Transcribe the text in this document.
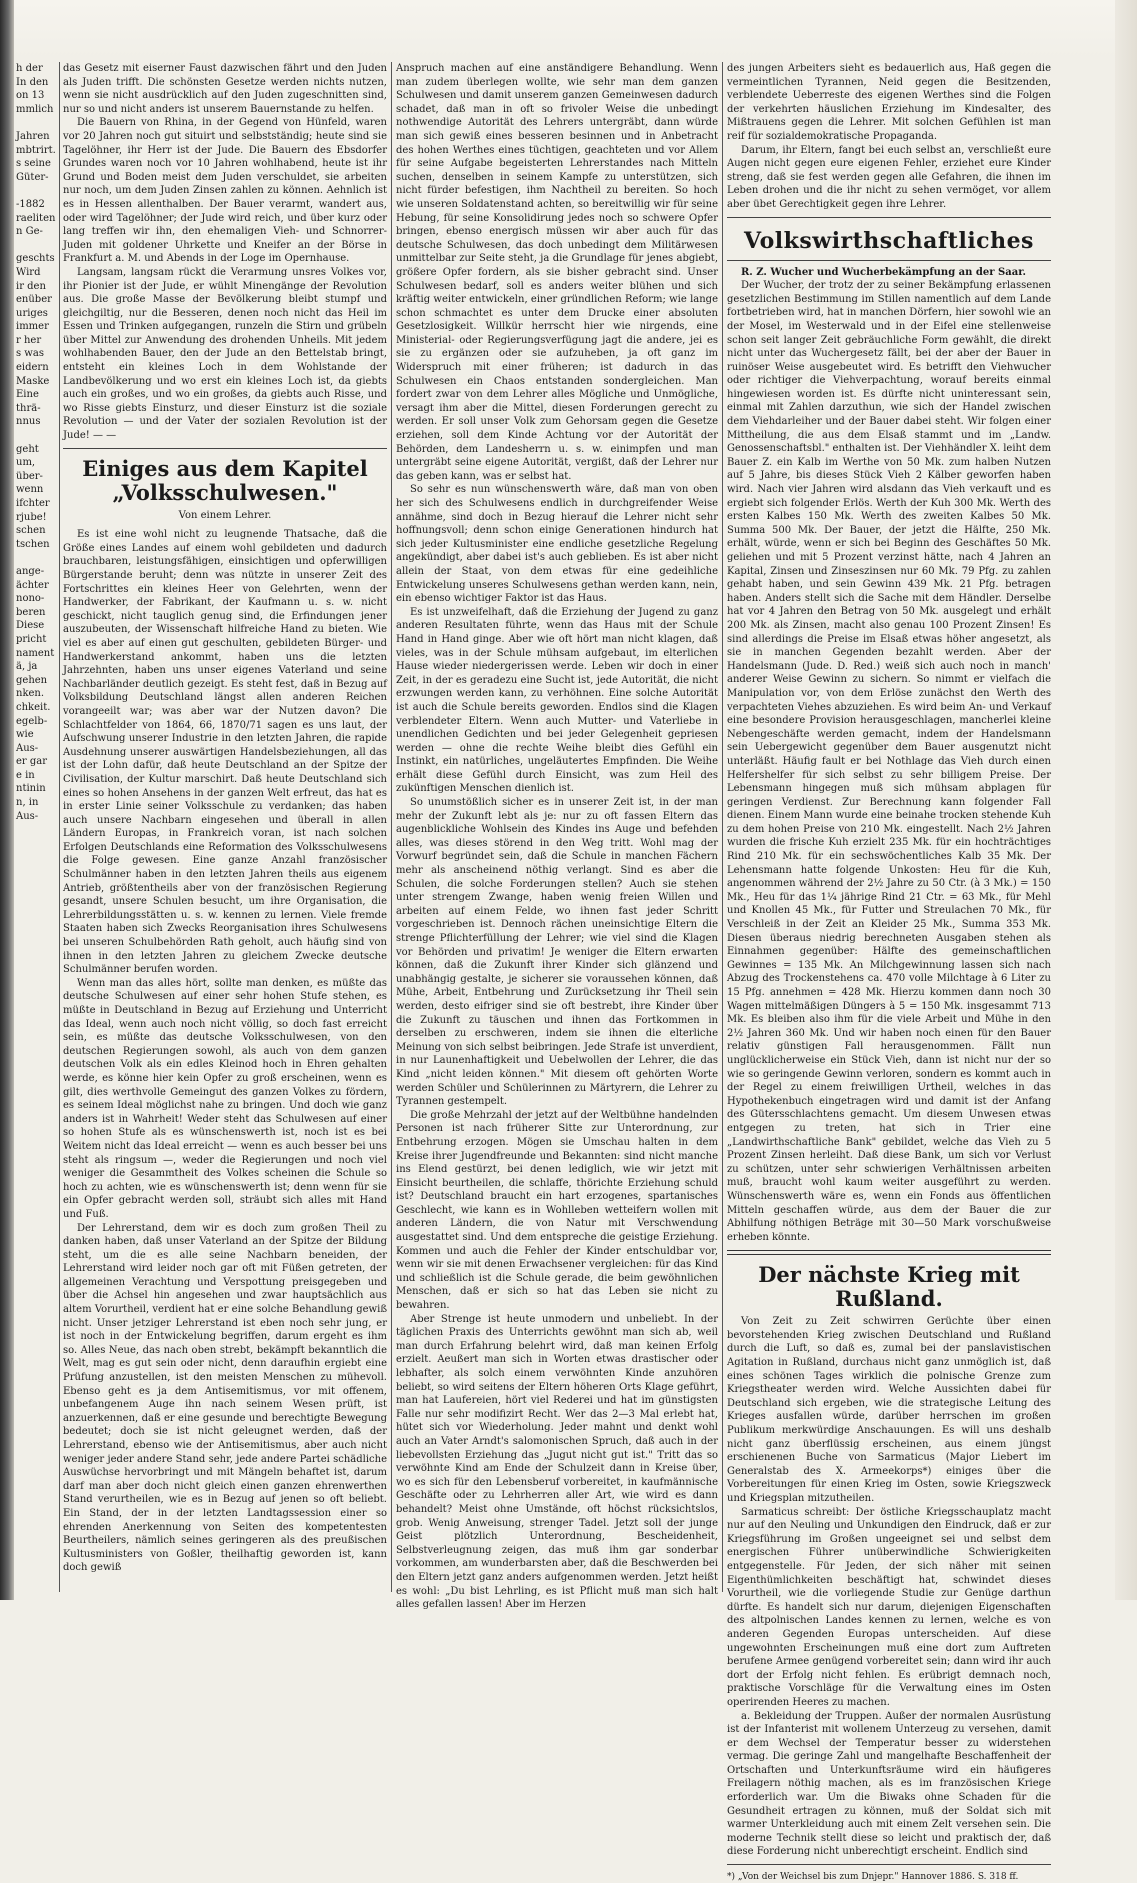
h der

In den

on 13

mmlich

Jahren

mbtrirt.

s seine

Güter-

-1882

raeliten

n Ge-

geschts

Wird

ir den

enüber

uriges

immer

r her

s was

eidern

Maske

Eine

thrä-

nnus

geht

um,

über-

wenn

ifchter

rjube!

schen

tschen

ange-

ächter

nono-

beren

Diese

pricht

nament

ä, ja

gehen

nken.

chkeit.

egelb-

wie

Aus-

er gar

e in

ntinin

n, in

Aus-

das Gesetz mit eiserner Faust dazwischen fährt und den Juden als Juden trifft. Die schönsten Gesetze werden nichts nutzen, wenn sie nicht ausdrücklich auf den Juden zugeschnitten sind, nur so und nicht anders ist unserem Bauernstande zu helfen.

Die Bauern von Rhina, in der Gegend von Hünfeld, waren vor 20 Jahren noch gut situirt und selbstständig; heute sind sie Tagelöhner, ihr Herr ist der Jude. Die Bauern des Ebsdorfer Grundes waren noch vor 10 Jahren wohlhabend, heute ist ihr Grund und Boden meist dem Juden verschuldet, sie arbeiten nur noch, um dem Juden Zinsen zahlen zu können. Aehnlich ist es in Hessen allenthalben. Der Bauer verarmt, wandert aus, oder wird Tagelöhner; der Jude wird reich, und über kurz oder lang treffen wir ihn, den ehemaligen Vieh- und Schnorrer-Juden mit goldener Uhrkette und Kneifer an der Börse in Frankfurt a. M. und Abends in der Loge im Opernhause.

Langsam, langsam rückt die Verarmung unsres Volkes vor, ihr Pionier ist der Jude, er wühlt Minengänge der Revolution aus. Die große Masse der Bevölkerung bleibt stumpf und gleichgiltig, nur die Besseren, denen noch nicht das Heil im Essen und Trinken aufgegangen, runzeln die Stirn und grübeln über Mittel zur Anwendung des drohenden Unheils. Mit jedem wohlhabenden Bauer, den der Jude an den Bettelstab bringt, entsteht ein kleines Loch in dem Wohlstande der Landbevölkerung und wo erst ein kleines Loch ist, da giebts auch ein großes, und wo ein großes, da giebts auch Risse, und wo Risse giebts Einsturz, und dieser Einsturz ist die soziale Revolution — und der Vater der sozialen Revolution ist der Jude! — —

Einiges aus dem Kapitel „Volksschulwesen."
Von einem Lehrer.

Es ist eine wohl nicht zu leugnende Thatsache, daß die Größe eines Landes auf einem wohl gebildeten und dadurch brauchbaren, leistungsfähigen, einsichtigen und opferwilligen Bürgerstande beruht; denn was nützte in unserer Zeit des Fortschrittes ein kleines Heer von Gelehrten, wenn der Handwerker, der Fabrikant, der Kaufmann u. s. w. nicht geschickt, nicht tauglich genug sind, die Erfindungen jener auszubeuten, der Wissenschaft hilfreiche Hand zu bieten. Wie viel es aber auf einen gut geschulten, gebildeten Bürger- und Handwerkerstand ankommt, haben uns die letzten Jahrzehnten, haben uns unser eigenes Vaterland und seine Nachbarländer deutlich gezeigt. Es steht fest, daß in Bezug auf Volksbildung Deutschland längst allen anderen Reichen vorangeeilt war; was aber war der Nutzen davon? Die Schlachtfelder von 1864, 66, 1870/71 sagen es uns laut, der Aufschwung unserer Industrie in den letzten Jahren, die rapide Ausdehnung unserer auswärtigen Handelsbeziehungen, all das ist der Lohn dafür, daß heute Deutschland an der Spitze der Civilisation, der Kultur marschirt. Daß heute Deutschland sich eines so hohen Ansehens in der ganzen Welt erfreut, das hat es in erster Linie seiner Volksschule zu verdanken; das haben auch unsere Nachbarn eingesehen und überall in allen Ländern Europas, in Frankreich voran, ist nach solchen Erfolgen Deutschlands eine Reformation des Volksschulwesens die Folge gewesen. Eine ganze Anzahl französischer Schulmänner haben in den letzten Jahren theils aus eigenem Antrieb, größtentheils aber von der französischen Regierung gesandt, unsere Schulen besucht, um ihre Organisation, die Lehrerbildungsstätten u. s. w. kennen zu lernen. Viele fremde Staaten haben sich Zwecks Reorganisation ihres Schulwesens bei unseren Schulbehörden Rath geholt, auch häufig sind von ihnen in den letzten Jahren zu gleichem Zwecke deutsche Schulmänner berufen worden.

Wenn man das alles hört, sollte man denken, es müßte das deutsche Schulwesen auf einer sehr hohen Stufe stehen, es müßte in Deutschland in Bezug auf Erziehung und Unterricht das Ideal, wenn auch noch nicht völlig, so doch fast erreicht sein, es müßte das deutsche Volksschulwesen, von den deutschen Regierungen sowohl, als auch von dem ganzen deutschen Volk als ein edles Kleinod hoch in Ehren gehalten werde, es könne hier kein Opfer zu groß erscheinen, wenn es gilt, dies werthvolle Gemeingut des ganzen Volkes zu fördern, es seinem Ideal möglichst nahe zu bringen. Und doch wie ganz anders ist in Wahrheit! Weder steht das Schulwesen auf einer so hohen Stufe als es wünschenswerth ist, noch ist es bei Weitem nicht das Ideal erreicht — wenn es auch besser bei uns steht als ringsum —, weder die Regierungen und noch viel weniger die Gesammtheit des Volkes scheinen die Schule so hoch zu achten, wie es wünschenswerth ist; denn wenn für sie ein Opfer gebracht werden soll, sträubt sich alles mit Hand und Fuß.

Der Lehrerstand, dem wir es doch zum großen Theil zu danken haben, daß unser Vaterland an der Spitze der Bildung steht, um die es alle seine Nachbarn beneiden, der Lehrerstand wird leider noch gar oft mit Füßen getreten, der allgemeinen Verachtung und Verspottung preisgegeben und über die Achsel hin angesehen und zwar hauptsächlich aus altem Vorurtheil, verdient hat er eine solche Behandlung gewiß nicht. Unser jetziger Lehrerstand ist eben noch sehr jung, er ist noch in der Entwickelung begriffen, darum ergeht es ihm so. Alles Neue, das nach oben strebt, bekämpft bekanntlich die Welt, mag es gut sein oder nicht, denn daraufhin ergiebt eine Prüfung anzustellen, ist den meisten Menschen zu mühevoll. Ebenso geht es ja dem Antisemitismus, vor mit offenem, unbefangenem Auge ihn nach seinem Wesen prüft, ist anzuerkennen, daß er eine gesunde und berechtigte Bewegung bedeutet; doch sie ist nicht geleugnet werden, daß der Lehrerstand, ebenso wie der Antisemitismus, aber auch nicht weniger jeder andere Stand sehr, jede andere Partei schädliche Auswüchse hervorbringt und mit Mängeln behaftet ist, darum darf man aber doch nicht gleich einen ganzen ehrenwerthen Stand verurtheilen, wie es in Bezug auf jenen so oft beliebt. Ein Stand, der in der letzten Landtagssession einer so ehrenden Anerkennung von Seiten des kompetentesten Beurtheilers, nämlich seines geringeren als des preußischen Kultusministers von Goßler, theilhaftig geworden ist, kann doch gewiß

Anspruch machen auf eine anständigere Behandlung. Wenn man zudem überlegen wollte, wie sehr man dem ganzen Schulwesen und damit unserem ganzen Gemeinwesen dadurch schadet, daß man in oft so frivoler Weise die unbedingt nothwendige Autorität des Lehrers untergräbt, dann würde man sich gewiß eines besseren besinnen und in Anbetracht des hohen Werthes eines tüchtigen, geachteten und vor Allem für seine Aufgabe begeisterten Lehrerstandes nach Mitteln suchen, denselben in seinem Kampfe zu unterstützen, sich nicht fürder befestigen, ihm Nachtheil zu bereiten. So hoch wie unseren Soldatenstand achten, so bereitwillig wir für seine Hebung, für seine Konsolidirung jedes noch so schwere Opfer bringen, ebenso energisch müssen wir aber auch für das deutsche Schulwesen, das doch unbedingt dem Militärwesen unmittelbar zur Seite steht, ja die Grundlage für jenes abgiebt, größere Opfer fordern, als sie bisher gebracht sind. Unser Schulwesen bedarf, soll es anders weiter blühen und sich kräftig weiter entwickeln, einer gründlichen Reform; wie lange schon schmachtet es unter dem Drucke einer absoluten Gesetzlosigkeit. Willkür herrscht hier wie nirgends, eine Ministerial- oder Regierungsverfügung jagt die andere, jei es sie zu ergänzen oder sie aufzuheben, ja oft ganz im Widerspruch mit einer früheren; ist dadurch in das Schulwesen ein Chaos entstanden sondergleichen. Man fordert zwar von dem Lehrer alles Mögliche und Unmögliche, versagt ihm aber die Mittel, diesen Forderungen gerecht zu werden. Er soll unser Volk zum Gehorsam gegen die Gesetze erziehen, soll dem Kinde Achtung vor der Autorität der Behörden, dem Landesherrn u. s. w. einimpfen und man untergräbt seine eigene Autorität, vergißt, daß der Lehrer nur das geben kann, was er selbst hat.

So sehr es nun wünschenswerth wäre, daß man von oben her sich des Schulwesens endlich in durchgreifender Weise annähme, sind doch in Bezug hierauf die Lehrer nicht sehr hoffnungsvoll; denn schon einige Generationen hindurch hat sich jeder Kultusminister eine endliche gesetzliche Regelung angekündigt, aber dabei ist's auch geblieben. Es ist aber nicht allein der Staat, von dem etwas für eine gedeihliche Entwickelung unseres Schulwesens gethan werden kann, nein, ein ebenso wichtiger Faktor ist das Haus.

Es ist unzweifelhaft, daß die Erziehung der Jugend zu ganz anderen Resultaten führte, wenn das Haus mit der Schule Hand in Hand ginge. Aber wie oft hört man nicht klagen, daß vieles, was in der Schule mühsam aufgebaut, im elterlichen Hause wieder niedergerissen werde. Leben wir doch in einer Zeit, in der es geradezu eine Sucht ist, jede Autorität, die nicht erzwungen werden kann, zu verhöhnen. Eine solche Autorität ist auch die Schule bereits geworden. Endlos sind die Klagen verblendeter Eltern. Wenn auch Mutter- und Vaterliebe in unendlichen Gedichten und bei jeder Gelegenheit gepriesen werden — ohne die rechte Weihe bleibt dies Gefühl ein Instinkt, ein natürliches, ungeläutertes Empfinden. Die Weihe erhält diese Gefühl durch Einsicht, was zum Heil des zukünftigen Menschen dienlich ist.

So unumstößlich sicher es in unserer Zeit ist, in der man mehr der Zukunft lebt als je: nur zu oft fassen Eltern das augenblickliche Wohlsein des Kindes ins Auge und befehden alles, was dieses störend in den Weg tritt. Wohl mag der Vorwurf begründet sein, daß die Schule in manchen Fächern mehr als anscheinend nöthig verlangt. Sind es aber die Schulen, die solche Forderungen stellen? Auch sie stehen unter strengem Zwange, haben wenig freien Willen und arbeiten auf einem Felde, wo ihnen fast jeder Schritt vorgeschrieben ist. Dennoch rächen uneinsichtige Eltern die strenge Pflichterfüllung der Lehrer; wie viel sind die Klagen vor Behörden und privatim! Je weniger die Eltern erwarten können, daß die Zukunft ihrer Kinder sich glänzend und unabhängig gestalte, je sicherer sie voraussehen können, daß Mühe, Arbeit, Entbehrung und Zurücksetzung ihr Theil sein werden, desto eifriger sind sie oft bestrebt, ihre Kinder über die Zukunft zu täuschen und ihnen das Fortkommen in derselben zu erschweren, indem sie ihnen die elterliche Meinung von sich selbst beibringen. Jede Strafe ist unverdient, in nur Launenhaftigkeit und Uebelwollen der Lehrer, die das Kind „nicht leiden können." Mit diesem oft gehörten Worte werden Schüler und Schülerinnen zu Märtyrern, die Lehrer zu Tyrannen gestempelt.

Die große Mehrzahl der jetzt auf der Weltbühne handelnden Personen ist nach früherer Sitte zur Unterordnung, zur Entbehrung erzogen. Mögen sie Umschau halten in dem Kreise ihrer Jugendfreunde und Bekannten: sind nicht manche ins Elend gestürzt, bei denen lediglich, wie wir jetzt mit Einsicht beurtheilen, die schlaffe, thörichte Erziehung schuld ist? Deutschland braucht ein hart erzogenes, spartanisches Geschlecht, wie kann es in Wohlleben wetteifern wollen mit anderen Ländern, die von Natur mit Verschwendung ausgestattet sind. Und dem entspreche die geistige Erziehung. Kommen und auch die Fehler der Kinder entschuldbar vor, wenn wir sie mit denen Erwachsener vergleichen: für das Kind und schließlich ist die Schule gerade, die beim gewöhnlichen Menschen, daß er sich so hat das Leben sie nicht zu bewahren.

Aber Strenge ist heute unmodern und unbeliebt. In der täglichen Praxis des Unterrichts gewöhnt man sich ab, weil man durch Erfahrung belehrt wird, daß man keinen Erfolg erzielt. Aeußert man sich in Worten etwas drastischer oder lebhafter, als solch einem verwöhnten Kinde anzuhören beliebt, so wird seitens der Eltern höheren Orts Klage geführt, man hat Laufereien, hört viel Rederei und hat im günstigsten Falle nur sehr modifizirt Recht. Wer das 2—3 Mal erlebt hat, hütet sich vor Wiederholung. Jeder mahnt und denkt wohl auch an Vater Arndt's salomonischen Spruch, daß auch in der liebevollsten Erziehung das „Jugut nicht gut ist." Tritt das so verwöhnte Kind am Ende der Schulzeit dann in Kreise über, wo es sich für den Lebensberuf vorbereitet, in kaufmännische Geschäfte oder zu Lehrherren aller Art, wie wird es dann behandelt? Meist ohne Umstände, oft höchst rücksichtslos, grob. Wenig Anweisung, strenger Tadel. Jetzt soll der junge Geist plötzlich Unterordnung, Bescheidenheit, Selbstverleugnung zeigen, das muß ihm gar sonderbar vorkommen, am wunderbarsten aber, daß die Beschwerden bei den Eltern jetzt ganz anders aufgenommen werden. Jetzt heißt es wohl: „Du bist Lehrling, es ist Pflicht muß man sich halt alles gefallen lassen! Aber im Herzen

des jungen Arbeiters sieht es bedauerlich aus, Haß gegen die vermeintlichen Tyrannen, Neid gegen die Besitzenden, verblendete Ueberreste des eigenen Werthes sind die Folgen der verkehrten häuslichen Erziehung im Kindesalter, des Mißtrauens gegen die Lehrer. Mit solchen Gefühlen ist man reif für sozialdemokratische Propaganda.

Darum, ihr Eltern, fangt bei euch selbst an, verschließt eure Augen nicht gegen eure eigenen Fehler, erziehet eure Kinder streng, daß sie fest werden gegen alle Gefahren, die ihnen im Leben drohen und die ihr nicht zu sehen vermöget, vor allem aber übet Gerechtigkeit gegen ihre Lehrer.

Volkswirthschaftliches

R. Z. Wucher und Wucherbekämpfung an der Saar.

Der Wucher, der trotz der zu seiner Bekämpfung erlassenen gesetzlichen Bestimmung im Stillen namentlich auf dem Lande fortbetrieben wird, hat in manchen Dörfern, hier sowohl wie an der Mosel, im Westerwald und in der Eifel eine stellenweise schon seit langer Zeit gebräuchliche Form gewählt, die direkt nicht unter das Wuchergesetz fällt, bei der aber der Bauer in ruinöser Weise ausgebeutet wird. Es betrifft den Viehwucher oder richtiger die Viehverpachtung, worauf bereits einmal hingewiesen worden ist. Es dürfte nicht uninteressant sein, einmal mit Zahlen darzuthun, wie sich der Handel zwischen dem Viehdarleiher und der Bauer dabei steht. Wir folgen einer Mittheilung, die aus dem Elsaß stammt und im „Landw. Genossenschaftsbl." enthalten ist. Der Viehhändler X. leiht dem Bauer Z. ein Kalb im Werthe von 50 Mk. zum halben Nutzen auf 5 Jahre, bis dieses Stück Vieh 2 Kälber geworfen haben wird. Nach vier Jahren wird alsdann das Vieh verkauft und es ergiebt sich folgender Erlös. Werth der Kuh 300 Mk. Werth des ersten Kalbes 150 Mk. Werth des zweiten Kalbes 50 Mk. Summa 500 Mk. Der Bauer, der jetzt die Hälfte, 250 Mk. erhält, würde, wenn er sich bei Beginn des Geschäftes 50 Mk. geliehen und mit 5 Prozent verzinst hätte, nach 4 Jahren an Kapital, Zinsen und Zinseszinsen nur 60 Mk. 79 Pfg. zu zahlen gehabt haben, und sein Gewinn 439 Mk. 21 Pfg. betragen haben. Anders stellt sich die Sache mit dem Händler. Derselbe hat vor 4 Jahren den Betrag von 50 Mk. ausgelegt und erhält 200 Mk. als Zinsen, macht also genau 100 Prozent Zinsen! Es sind allerdings die Preise im Elsaß etwas höher angesetzt, als sie in manchen Gegenden bezahlt werden. Aber der Handelsmann (Jude. D. Red.) weiß sich auch noch in manch' anderer Weise Gewinn zu sichern. So nimmt er vielfach die Manipulation vor, von dem Erlöse zunächst den Werth des verpachteten Viehes abzuziehen. Es wird beim An- und Verkauf eine besondere Provision herausgeschlagen, mancherlei kleine Nebengeschäfte werden gemacht, indem der Handelsmann sein Uebergewicht gegenüber dem Bauer ausgenutzt nicht unterläßt. Häufig fault er bei Nothlage das Vieh durch einen Helfershelfer für sich selbst zu sehr billigem Preise. Der Lebensmann hingegen muß sich mühsam abplagen für geringen Verdienst. Zur Berechnung kann folgender Fall dienen. Einem Mann wurde eine beinahe trocken stehende Kuh zu dem hohen Preise von 210 Mk. eingestellt. Nach 2½ Jahren wurden die frische Kuh erzielt 235 Mk. für ein hochträchtiges Rind 210 Mk. für ein sechswöchentliches Kalb 35 Mk. Der Lehensmann hatte folgende Unkosten: Heu für die Kuh, angenommen während der 2½ Jahre zu 50 Ctr. (à 3 Mk.) = 150 Mk., Heu für das 1¼ jährige Rind 21 Ctr. = 63 Mk., für Mehl und Knollen 45 Mk., für Futter und Streulachen 70 Mk., für Verschleiß in der Zeit an Kleider 25 Mk., Summa 353 Mk. Diesen überaus niedrig berechneten Ausgaben stehen als Einnahmen gegenüber: Hälfte des gemeinschaftlichen Gewinnes = 135 Mk. An Milchgewinnung lassen sich nach Abzug des Trockenstehens ca. 470 volle Milchtage à 6 Liter zu 15 Pfg. annehmen = 428 Mk. Hierzu kommen dann noch 30 Wagen mittelmäßigen Düngers à 5 = 150 Mk. insgesammt 713 Mk. Es bleiben also ihm für die viele Arbeit und Mühe in den 2½ Jahren 360 Mk. Und wir haben noch einen für den Bauer relativ günstigen Fall herausgenommen. Fällt nun unglücklicherweise ein Stück Vieh, dann ist nicht nur der so wie so geringende Gewinn verloren, sondern es kommt auch in der Regel zu einem freiwilligen Urtheil, welches in das Hypothekenbuch eingetragen wird und damit ist der Anfang des Gütersschlachtens gemacht. Um diesem Unwesen etwas entgegen zu treten, hat sich in Trier eine „Landwirthschaftliche Bank" gebildet, welche das Vieh zu 5 Prozent Zinsen herleiht. Daß diese Bank, um sich vor Verlust zu schützen, unter sehr schwierigen Verhältnissen arbeiten muß, braucht wohl kaum weiter ausgeführt zu werden. Wünschenswerth wäre es, wenn ein Fonds aus öffentlichen Mitteln geschaffen würde, aus dem der Bauer die zur Abhilfung nöthigen Beträge mit 30—50 Mark vorschußweise erheben könnte.

Der nächste Krieg mit Rußland.

Von Zeit zu Zeit schwirren Gerüchte über einen bevorstehenden Krieg zwischen Deutschland und Rußland durch die Luft, so daß es, zumal bei der panslavistischen Agitation in Rußland, durchaus nicht ganz unmöglich ist, daß eines schönen Tages wirklich die polnische Grenze zum Kriegstheater werden wird. Welche Aussichten dabei für Deutschland sich ergeben, wie die strategische Leitung des Krieges ausfallen würde, darüber herrschen im großen Publikum merkwürdige Anschauungen. Es will uns deshalb nicht ganz überflüssig erscheinen, aus einem jüngst erschienenen Buche von Sarmaticus (Major Liebert im Generalstab des X. Armeekorps*) einiges über die Vorbereitungen für einen Krieg im Osten, sowie Kriegszweck und Kriegsplan mitzutheilen.

Sarmaticus schreibt: Der östliche Kriegsschauplatz macht nur auf den Neuling und Unkundigen den Eindruck, daß er zur Kriegsführung im Großen ungeeignet sei und selbst dem energischen Führer unüberwindliche Schwierigkeiten entgegenstelle. Für Jeden, der sich näher mit seinen Eigenthümlichkeiten beschäftigt hat, schwindet dieses Vorurtheil, wie die vorliegende Studie zur Genüge darthun dürfte. Es handelt sich nur darum, diejenigen Eigenschaften des altpolnischen Landes kennen zu lernen, welche es von anderen Gegenden Europas unterscheiden. Auf diese ungewohnten Erscheinungen muß eine dort zum Auftreten berufene Armee genügend vorbereitet sein; dann wird ihr auch dort der Erfolg nicht fehlen. Es erübrigt demnach noch, praktische Vorschläge für die Verwaltung eines im Osten operirenden Heeres zu machen.

a. Bekleidung der Truppen. Außer der normalen Ausrüstung ist der Infanterist mit wollenem Unterzeug zu versehen, damit er dem Wechsel der Temperatur besser zu widerstehen vermag. Die geringe Zahl und mangelhafte Beschaffenheit der Ortschaften und Unterkunftsräume wird ein häufigeres Freilagern nöthig machen, als es im französischen Kriege erforderlich war. Um die Biwaks ohne Schaden für die Gesundheit ertragen zu können, muß der Soldat sich mit warmer Unterkleidung auch mit einem Zelt versehen sein. Die moderne Technik stellt diese so leicht und praktisch der, daß diese Forderung nicht unberechtigt erscheint. Endlich sind

*) „Von der Weichsel bis zum Dnjepr." Hannover 1886. S. 318 ff.
